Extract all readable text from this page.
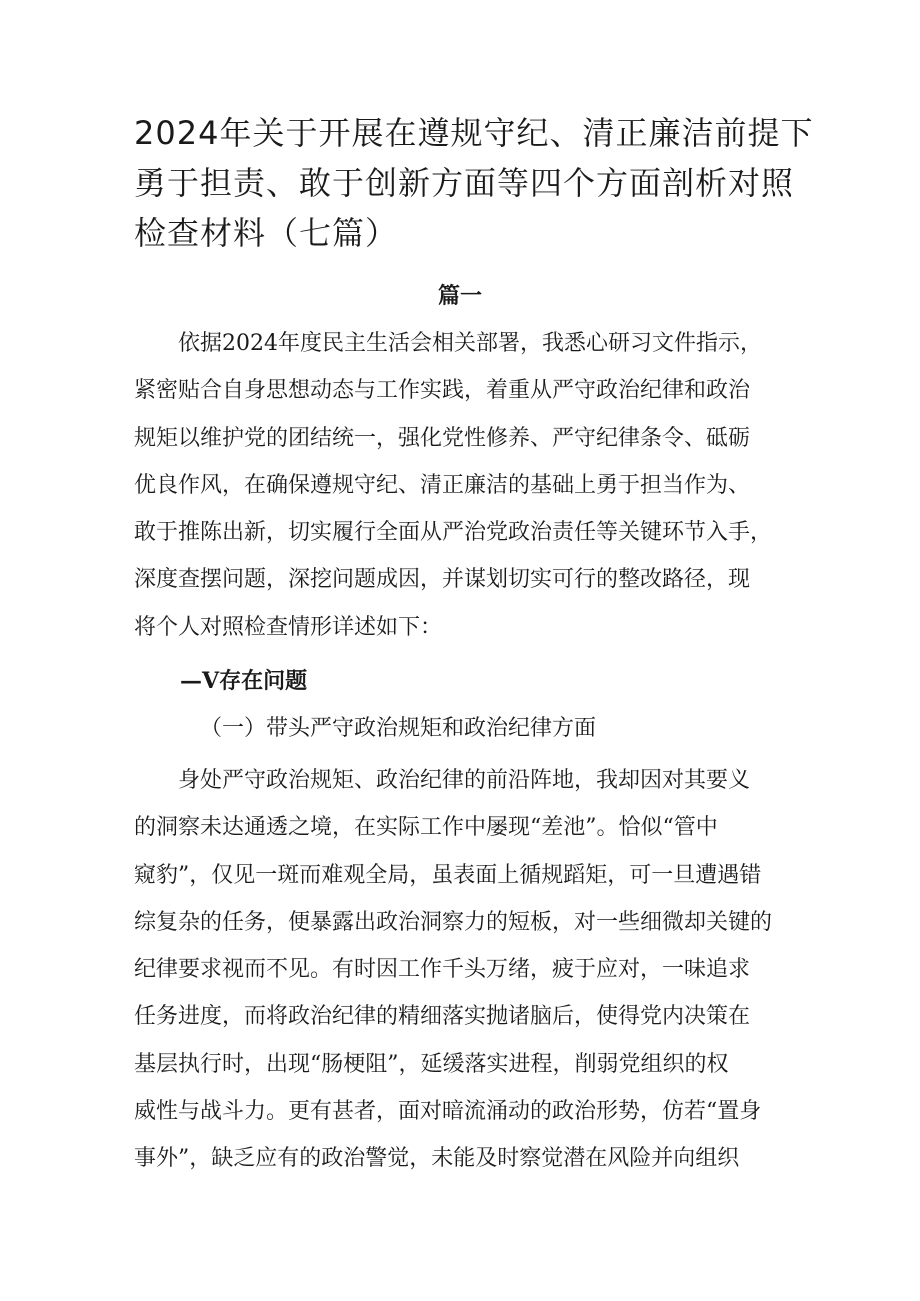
2024年关于开展在遵规守纪、清正廉洁前提下
勇于担责、敢于创新方面等四个方面剖析对照
检查材料（七篇）
篇一

依据2024年度民主生活会相关部署，我悉心研习文件指示，
紧密贴合自身思想动态与工作实践，着重从严守政治纪律和政治
规矩以维护党的团结统一，强化党性修养、严守纪律条令、砥砺
优良作风，在确保遵规守纪、清正廉洁的基础上勇于担当作为、
敢于推陈出新，切实履行全面从严治党政治责任等关键环节入手，
深度查摆问题，深挖问题成因，并谋划切实可行的整改路径，现
将个人对照检查情形详述如下：

—V存在问题
（一）带头严守政治规矩和政治纪律方面

身处严守政治规矩、政治纪律的前沿阵地，我却因对其要义
的洞察未达通透之境，在实际工作中屡现“差池”。恰似“管中
窥豹”，仅见一斑而难观全局，虽表面上循规蹈矩，可一旦遭遇错
综复杂的任务，便暴露出政治洞察力的短板，对一些细微却关键的
纪律要求视而不见。有时因工作千头万绪，疲于应对，一味追求
任务进度，而将政治纪律的精细落实抛诸脑后，使得党内决策在
基层执行时，出现“肠梗阻”，延缓落实进程，削弱党组织的权
威性与战斗力。更有甚者，面对暗流涌动的政治形势，仿若“置身
事外”，缺乏应有的政治警觉，未能及时察觉潜在风险并向组织
